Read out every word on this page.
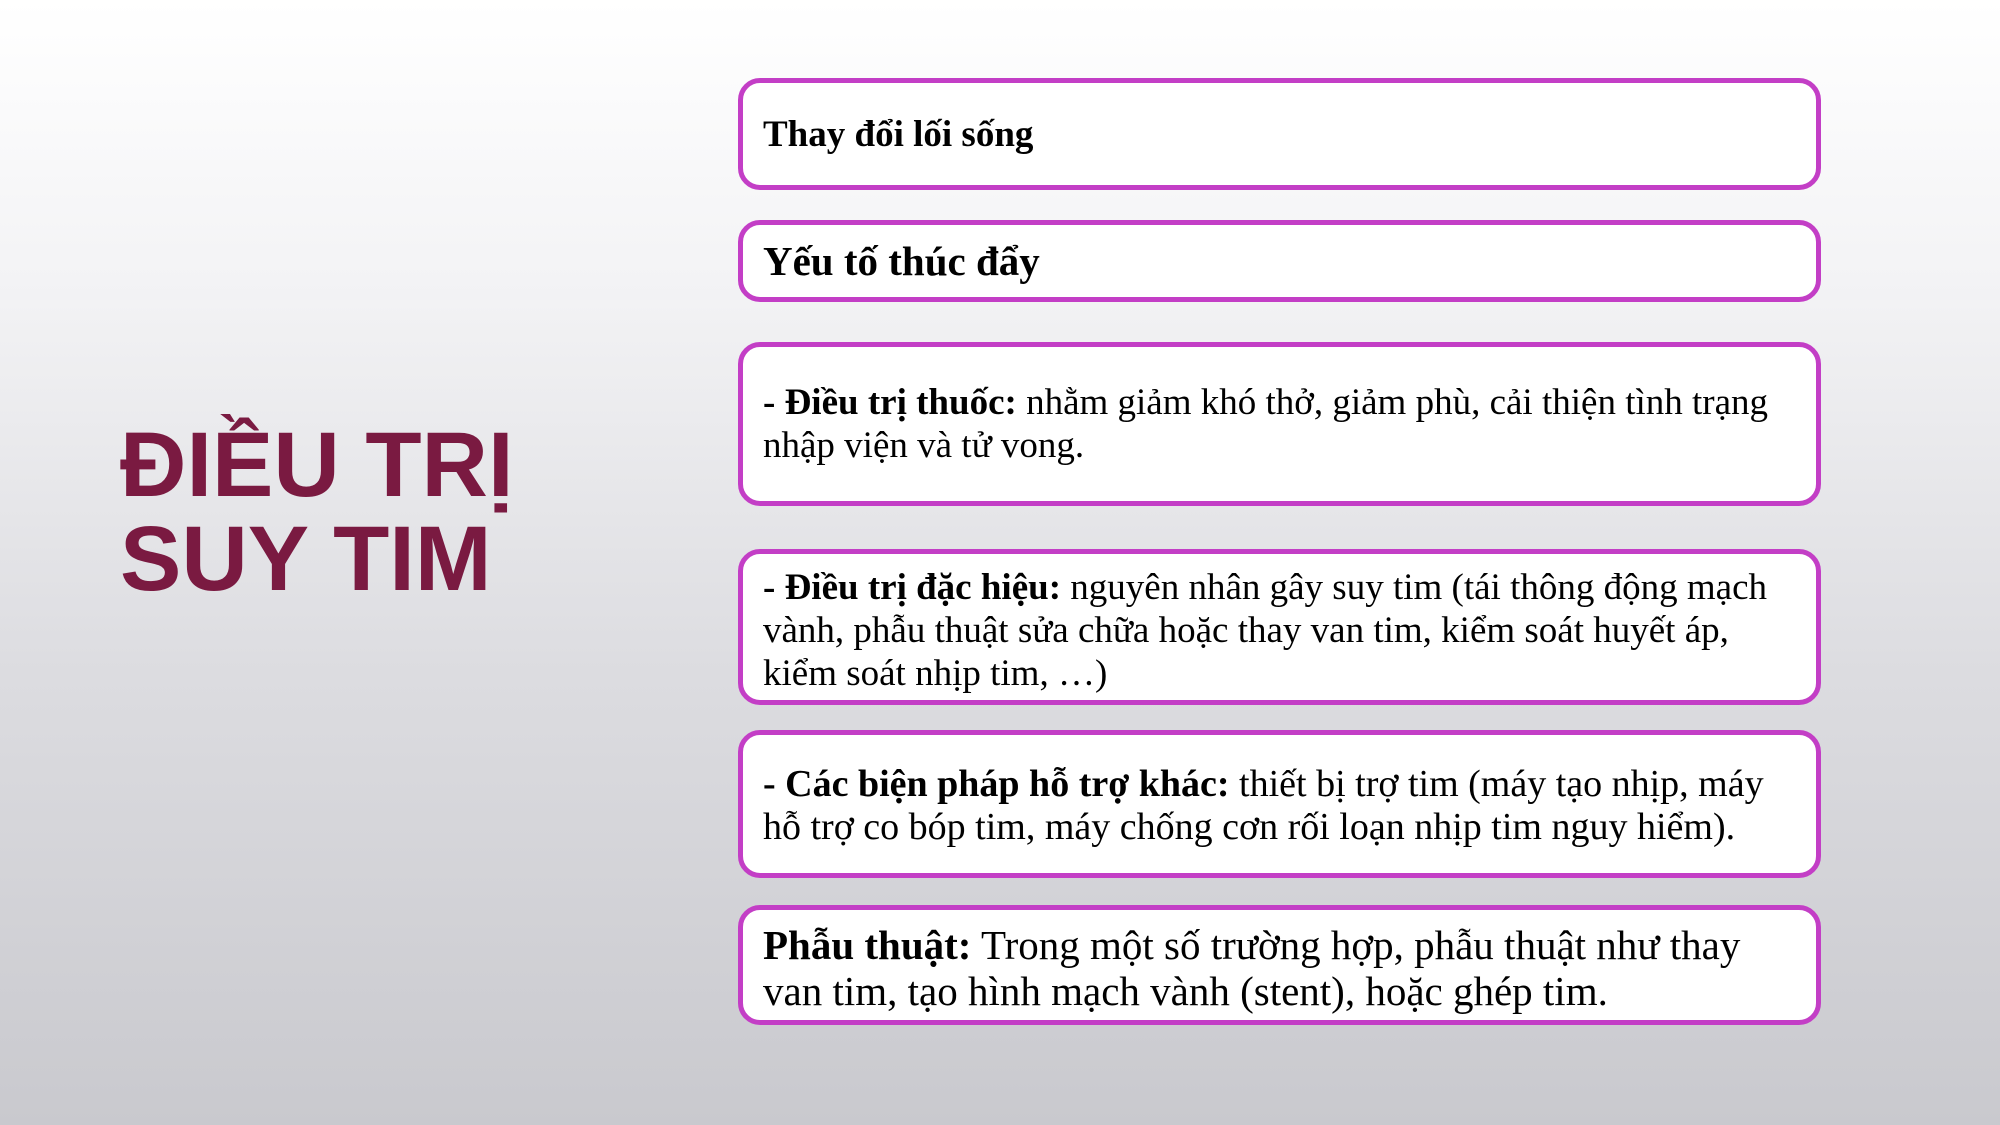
ĐIỀU TRỊ
SUY TIM

Thay đổi lối sống

Yếu tố thúc đẩy

- Điều trị thuốc: nhằm giảm khó thở, giảm phù, cải thiện tình trạng nhập viện và tử vong.

- Điều trị đặc hiệu: nguyên nhân gây suy tim (tái thông động mạch vành, phẫu thuật sửa chữa hoặc thay van tim, kiểm soát huyết áp, kiểm soát nhịp tim, …)

- Các biện pháp hỗ trợ khác: thiết bị trợ tim (máy tạo nhịp, máy hỗ trợ co bóp tim, máy chống cơn rối loạn nhịp tim nguy hiểm).

Phẫu thuật: Trong một số trường hợp, phẫu thuật như thay van tim, tạo hình mạch vành (stent), hoặc ghép tim.
